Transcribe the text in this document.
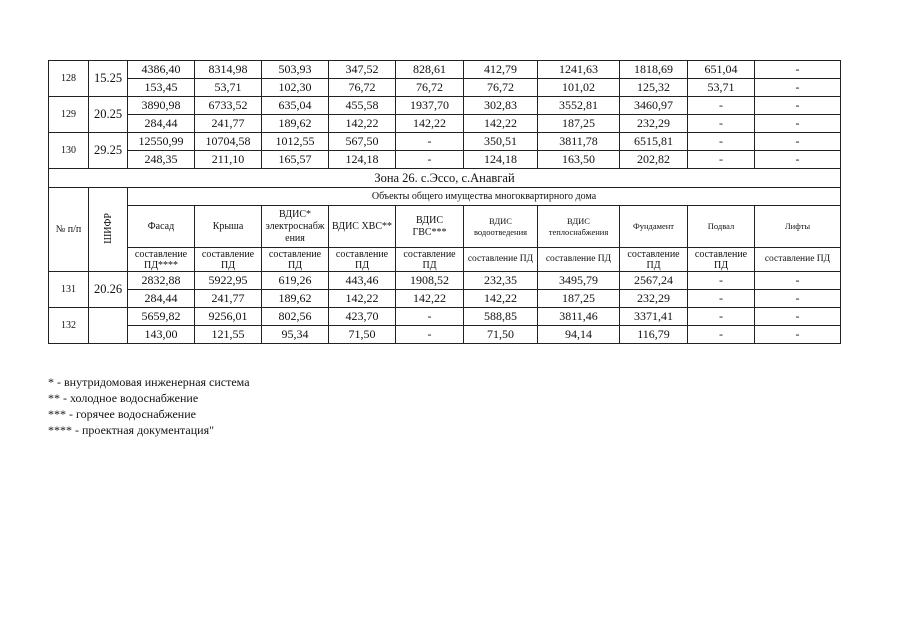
128	15.25	4386,40	8314,98	503,93	347,52	828,61	412,79	1241,63	1818,69	651,04	-
		153,45	53,71	102,30	76,72	76,72	76,72	101,02	125,32	53,71	-
129	20.25	3890,98	6733,52	635,04	455,58	1937,70	302,83	3552,81	3460,97	-	-
		284,44	241,77	189,62	142,22	142,22	142,22	187,25	232,29	-	-
130	29.25	12550,99	10704,58	1012,55	567,50	-	350,51	3811,78	6515,81	-	-
		248,35	211,10	165,57	124,18	-	124,18	163,50	202,82	-	-
Зона 26. с.Эссо, с.Анавгай											
№ п/п	ШИФР	Объекты общего имущества многоквартирного дома									
		Фасад	Крыша	ВДИС* электроснабж ения	ВДИС ХВС**	ВДИС ГВС***	ВДИС водоотведения	ВДИС теплоснабжения	Фундамент	Подвал	Лифты
		составление ПД****	составление ПД	составление ПД	составление ПД	составление ПД	составление ПД	составление ПД	составление ПД	составление ПД	составление ПД
131	20.26	2832,88	5922,95	619,26	443,46	1908,52	232,35	3495,79	2567,24	-	-
		284,44	241,77	189,62	142,22	142,22	142,22	187,25	232,29	-	-
132		5659,82	9256,01	802,56	423,70	-	588,85	3811,46	3371,41	-	-
		143,00	121,55	95,34	71,50	-	71,50	94,14	116,79	-	-
* - внутридомовая инженерная система
** - холодное водоснабжение
*** - горячее водоснабжение
**** - проектная документация"
